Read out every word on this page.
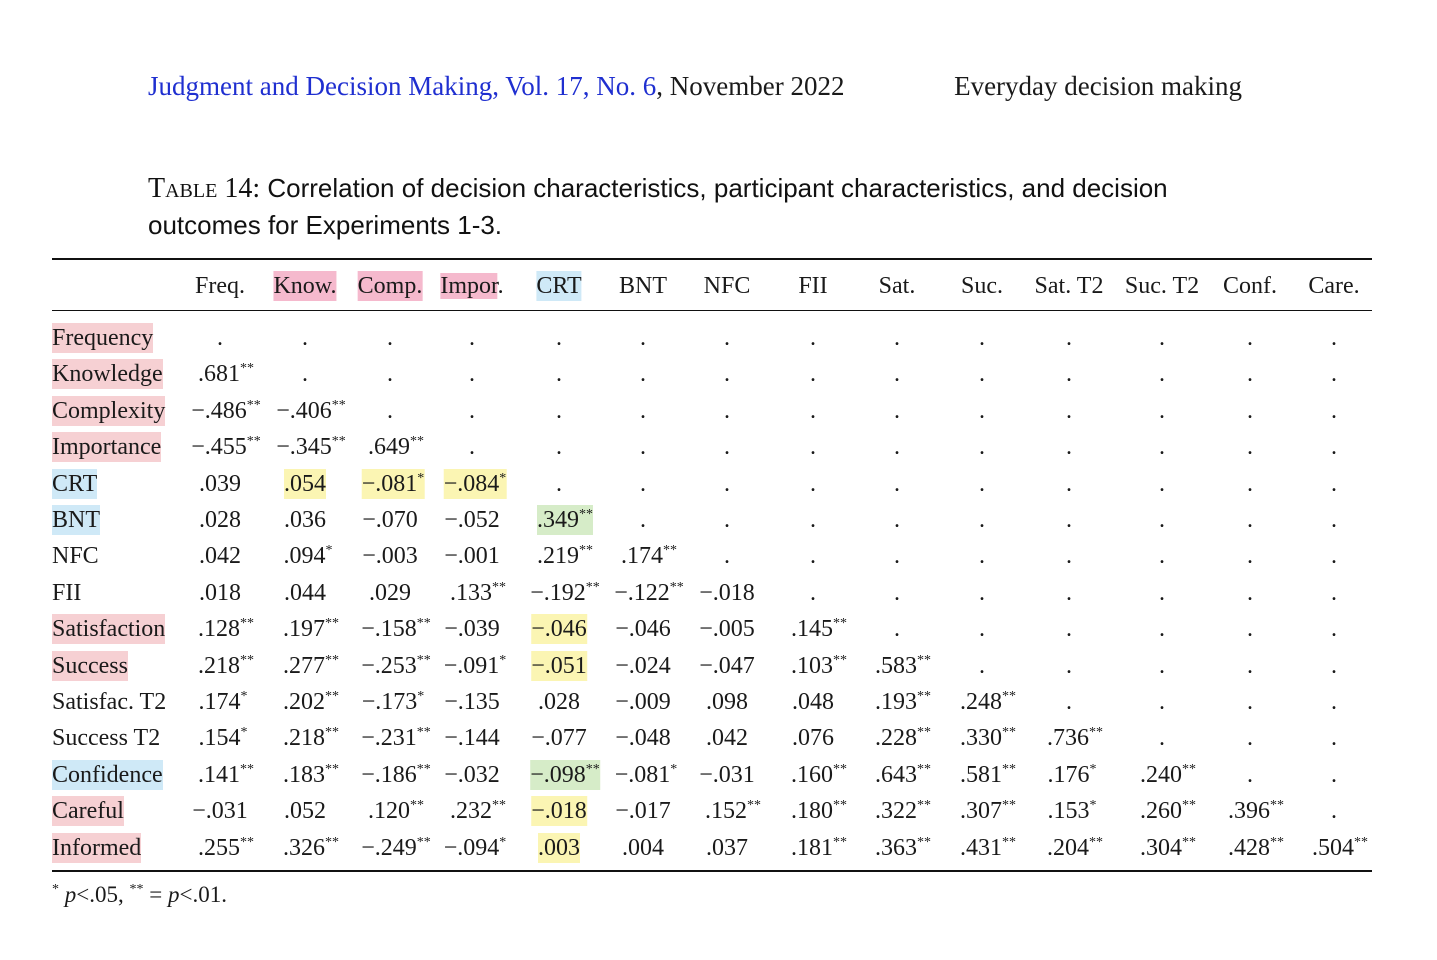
Judgment and Decision Making, Vol. 17, No. 6, November 2022	Everyday decision making
Table 14: Correlation of decision characteristics, participant characteristics, and decision outcomes for Experiments 1-3.
Freq. Know. Comp. Impor. CRT BNT NFC FII Sat. Suc. Sat. T2 Suc. T2 Conf. Care.
Frequency	.	.	.	.	.	.	.	.	.	.	.	.	.	.
Knowledge .681** .	.	.	.	.	.	.	.	.	.	.	.	.
Complexity −.486** −.406** .	.	.	.	.	.	.	.	.	.	.	.
Importance −.455** −.345** .649** .	.	.	.	.	.	.	.	.	.	.
CRT	.039 .054 −.081* −.084* .	.	.	.	.	.	.	.	.	.
BNT	.028 .036 −.070 −.052 .349** .	.	.	.	.	.	.	.	.
NFC	.042 .094* −.003 −.001 .219** .174** .	.	.	.	.	.	.	.
FII	.018 .044 .029 .133** −.192** −.122** −.018 .	.	.	.	.	.	.
Satisfaction .128** .197** −.158** −.039 −.046 −.046 −.005 .145** .	.	.	.	.	.
Success	.218** .277** −.253** −.091* −.051 −.024 −.047 .103** .583** .	.	.	.	.
Satisfac. T2 .174* .202** −.173* −.135 .028 −.009 .098 .048 .193** .248** .	.	.	.
Success T2 .154* .218** −.231** −.144 −.077 −.048 .042 .076 .228** .330** .736** .	.	.
Confidence .141** .183** −.186** −.032 −.098** −.081* −.031 .160** .643** .581** .176* .240** .	.
Careful	−.031 .052 .120** .232** −.018 −.017 .152** .180** .322** .307** .153* .260** .396** .
Informed .255** .326** −.249** −.094* .003 .004 .037 .181** .363** .431** .204** .304** .428** .504**
* p<.05, ** = p<.01.
